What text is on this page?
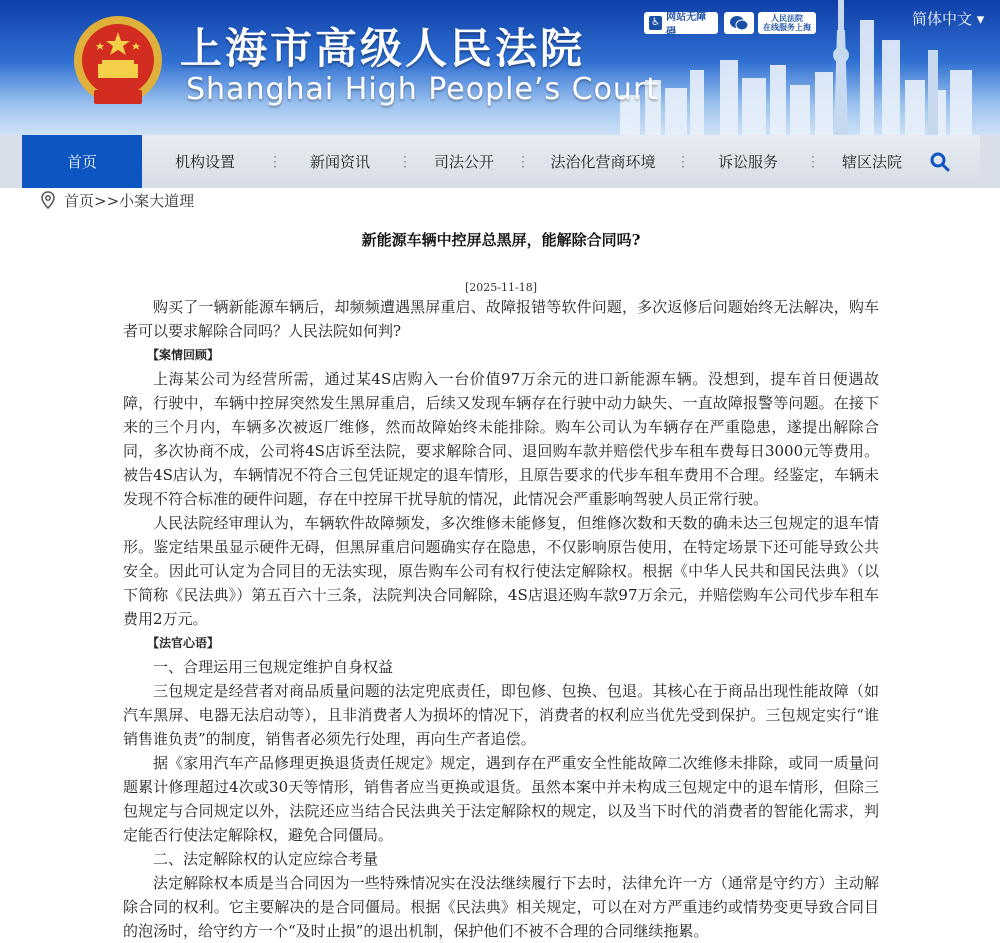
上海市高级人民法院
Shanghai High People’s Court
♿ 网站无障碍
人民法院
在线服务上海	简体中文 ▾
首页	机构设置	⋮	新闻资讯	⋮	司法公开	⋮	法治化营商环境	⋮	诉讼服务	⋮	辖区法院
首页>>小案大道理
新能源车辆中控屏总黑屏，能解除合同吗?
[2025-11-18]

购买了一辆新能源车辆后，却频频遭遇黑屏重启、故障报错等软件问题，多次返修后问题始终无法解决，购车者可以要求解除合同吗？人民法院如何判?

【案情回顾】

上海某公司为经营所需，通过某4S店购入一台价值97万余元的进口新能源车辆。没想到，提车首日便遇故障，行驶中，车辆中控屏突然发生黑屏重启，后续又发现车辆存在行驶中动力缺失、一直故障报警等问题。在接下来的三个月内，车辆多次被返厂维修，然而故障始终未能排除。购车公司认为车辆存在严重隐患，遂提出解除合同，多次协商不成，公司将4S店诉至法院，要求解除合同、退回购车款并赔偿代步车租车费每日3000元等费用。被告4S店认为，车辆情况不符合三包凭证规定的退车情形，且原告要求的代步车租车费用不合理。经鉴定，车辆未发现不符合标准的硬件问题，存在中控屏干扰导航的情况，此情况会严重影响驾驶人员正常行驶。

人民法院经审理认为，车辆软件故障频发，多次维修未能修复，但维修次数和天数的确未达三包规定的退车情形。鉴定结果虽显示硬件无碍，但黑屏重启问题确实存在隐患，不仅影响原告使用，在特定场景下还可能导致公共安全。因此可认定为合同目的无法实现，原告购车公司有权行使法定解除权。根据《中华人民共和国民法典》（以下简称《民法典》）第五百六十三条，法院判决合同解除，4S店退还购车款97万余元，并赔偿购车公司代步车租车费用2万元。

【法官心语】

一、合理运用三包规定维护自身权益

三包规定是经营者对商品质量问题的法定兜底责任，即包修、包换、包退。其核心在于商品出现性能故障（如汽车黑屏、电器无法启动等），且非消费者人为损坏的情况下，消费者的权利应当优先受到保护。三包规定实行“谁销售谁负责”的制度，销售者必须先行处理，再向生产者追偿。

据《家用汽车产品修理更换退货责任规定》规定，遇到存在严重安全性能故障二次维修未排除，或同一质量问题累计修理超过4次或30天等情形，销售者应当更换或退货。虽然本案中并未构成三包规定中的退车情形，但除三包规定与合同规定以外，法院还应当结合民法典关于法定解除权的规定，以及当下时代的消费者的智能化需求，判定能否行使法定解除权，避免合同僵局。

二、法定解除权的认定应综合考量

法定解除权本质是当合同因为一些特殊情况实在没法继续履行下去时，法律允许一方（通常是守约方）主动解除合同的权利。它主要解决的是合同僵局。根据《民法典》相关规定，可以在对方严重违约或情势变更导致合同目的泡汤时，给守约方一个“及时止损”的退出机制，保护他们不被不合理的合同继续拖累。
